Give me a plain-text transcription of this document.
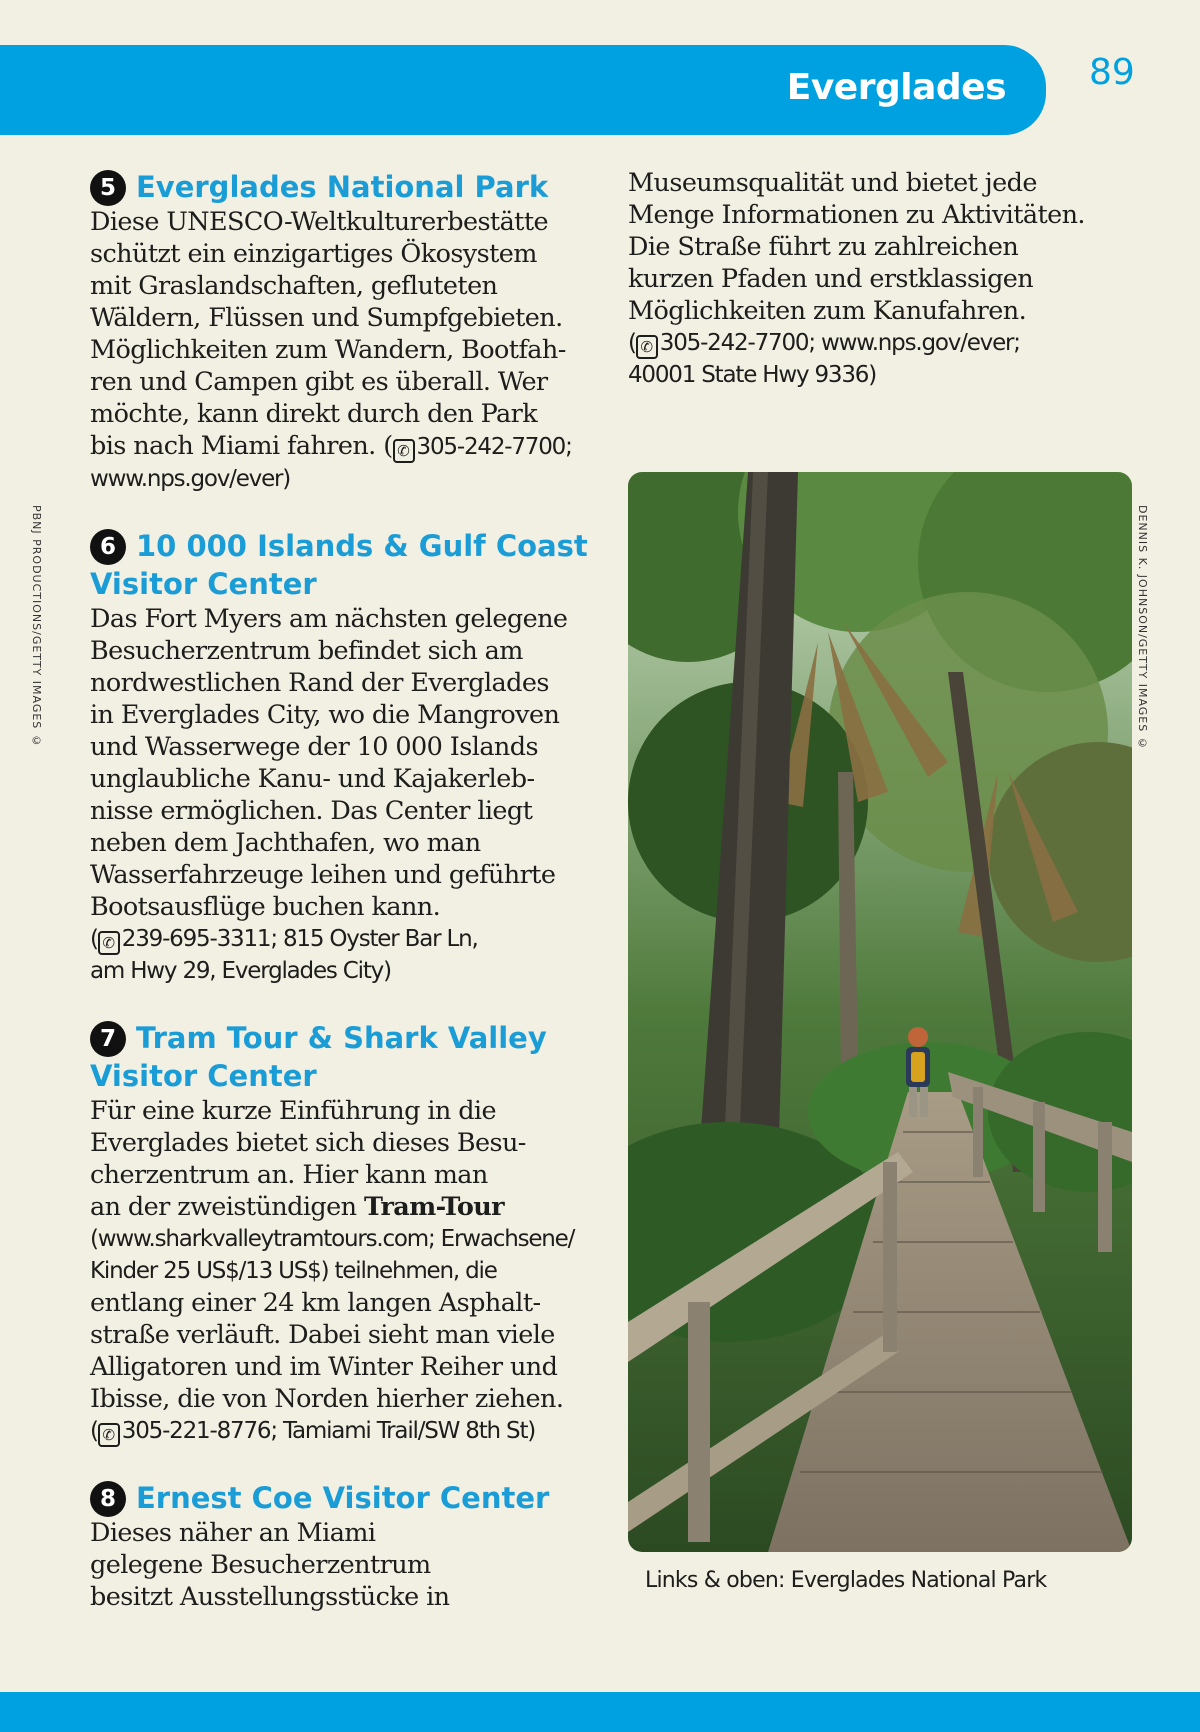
Everglades 89
PBNJ PRODUCTIONS/GETTY IMAGES ©	DENNIS K. JOHNSON/GETTY IMAGES ©
5 Everglades National Park
Diese UNESCO-Weltkulturerbestätte
schützt ein einzigartiges Ökosystem
mit Graslandschaften, gefluteten
Wäldern, Flüssen und Sumpfgebieten.
Möglichkeiten zum Wandern, Bootfah-
ren und Campen gibt es überall. Wer
möchte, kann direkt durch den Park
bis nach Miami fahren. ( ✆ 305-242-7700;
www.nps.gov/ever)
6 10 000 Islands & Gulf Coast
Visitor Center
Das Fort Myers am nächsten gelegene
Besucherzentrum befindet sich am
nordwestlichen Rand der Everglades
in Everglades City, wo die Mangroven
und Wasserwege der 10 000 Islands
unglaubliche Kanu- und Kajakerleb-
nisse ermöglichen. Das Center liegt
neben dem Jachthafen, wo man
Wasserfahrzeuge leihen und geführte
Bootsausflüge buchen kann.
( ✆ 239-695-3311; 815 Oyster Bar Ln,
am Hwy 29, Everglades City)
7 Tram Tour & Shark Valley
Visitor Center
Für eine kurze Einführung in die
Everglades bietet sich dieses Besu-
cherzentrum an. Hier kann man
an der zweistündigen Tram-Tour
(www.sharkvalleytramtours.com; Erwachsene/
Kinder 25 US$/13 US$) teilnehmen, die
entlang einer 24 km langen Asphalt-
straße verläuft. Dabei sieht man viele
Alligatoren und im Winter Reiher und
Ibisse, die von Norden hierher ziehen.
( ✆ 305-221-8776; Tamiami Trail/SW 8th St)
8 Ernest Coe Visitor Center
Dieses näher an Miami
gelegene Besucherzentrum
besitzt Ausstellungsstücke in
Museumsqualität und bietet jede
Menge Informationen zu Aktivitäten.
Die Straße führt zu zahlreichen
kurzen Pfaden und erstklassigen
Möglichkeiten zum Kanufahren.
( ✆ 305-242-7700; www.nps.gov/ever;
40001 State Hwy 9336)
Links & oben: Everglades National Park
